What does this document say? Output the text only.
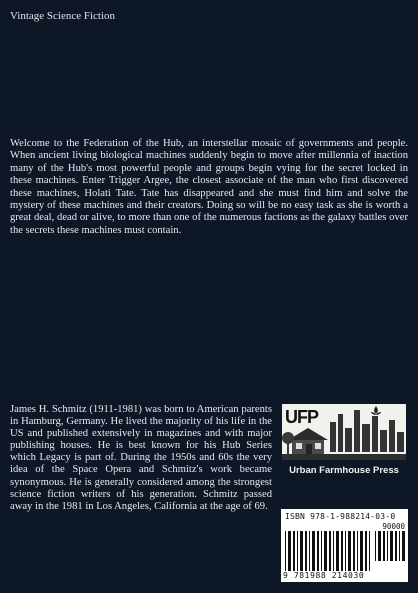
Vintage Science Fiction
Welcome to the Federation of the Hub, an interstellar mosaic of governments and people. When ancient living biological machines suddenly begin to move after millennia of inaction many of the Hub's most powerful people and groups begin vying for the secret locked in these machines. Enter Trigger Argee, the closest associate of the man who first discovered these machines, Holati Tate. Tate has disappeared and she must find him and solve the mystery of these machines and their creators. Doing so will be no easy task as she is worth a great deal, dead or alive, to more than one of the numerous factions as the galaxy battles over the secrets these machines must contain.
James H. Schmitz (1911-1981) was born to American parents in Hamburg, Germany. He lived the majority of his life in the US and published extensively in magazines and with major publishing houses. He is best known for his Hub Series which Legacy is part of. During the 1950s and 60s the very idea of the Space Opera and Schmitz's work became synonymous. He is generally considered among the strongest science fiction writers of his generation. Schmitz passed away in the 1981 in Los Angeles, California at the age of 69.
UFP
Urban Farmhouse Press
ISBN 978-1-988214-03-0
90000
9 781988 214030
